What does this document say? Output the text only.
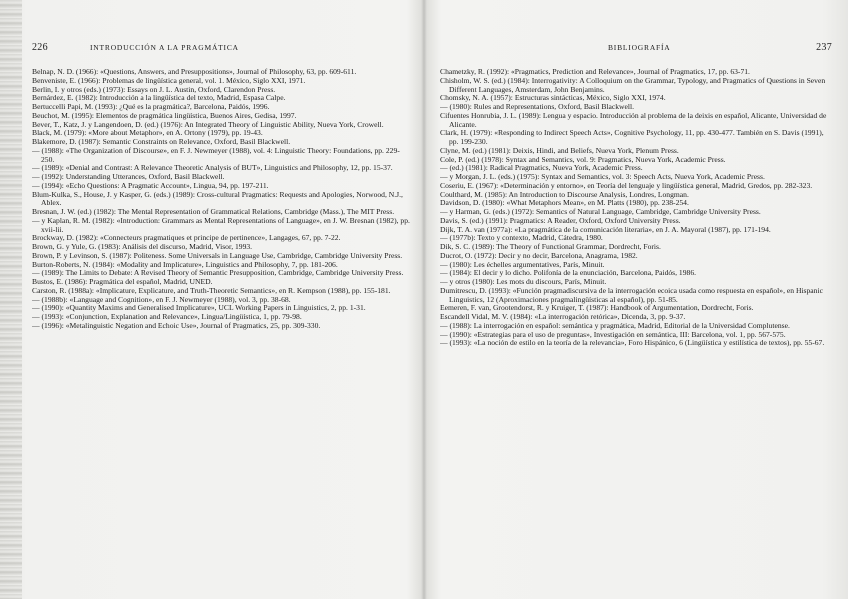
226	INTRODUCCIÓN A LA PRAGMÁTICA

Belnap, N. D. (1966): «Questions, Answers, and Presuppositions», Journal of Philosophy, 63, pp. 609-611.

Benveniste, E. (1966): Problemas de lingüística general, vol. 1. México, Siglo XXI, 1971.

Berlin, I. y otros (eds.) (1973): Essays on J. L. Austin, Oxford, Clarendon Press.

Bernárdez, E. (1982): Introducción a la lingüística del texto, Madrid, Espasa Calpe.

Bertuccelli Papi, M. (1993): ¿Qué es la pragmática?, Barcelona, Paidós, 1996.

Beuchot, M. (1995): Elementos de pragmática lingüística, Buenos Aires, Gedisa, 1997.

Bever, T., Katz, J. y Langendoen, D. (ed.) (1976): An Integrated Theory of Linguistic Ability, Nueva York, Crowell.

Black, M. (1979): «More about Metaphor», en A. Ortony (1979), pp. 19-43.

Blakemore, D. (1987): Semantic Constraints on Relevance, Oxford, Basil Blackwell.

— (1988): «The Organization of Discourse», en F. J. Newmeyer (1988), vol. 4: Linguistic Theory: Foundations, pp. 229-250.

— (1989): «Denial and Contrast: A Relevance Theoretic Analysis of BUT», Linguistics and Philosophy, 12, pp. 15-37.

— (1992): Understanding Utterances, Oxford, Basil Blackwell.

— (1994): «Echo Questions: A Pragmatic Account», Lingua, 94, pp. 197-211.

Blum-Kulka, S., House, J. y Kasper, G. (eds.) (1989): Cross-cultural Pragmatics: Requests and Apologies, Norwood, N.J., Ablex.

Bresnan, J. W. (ed.) (1982): The Mental Representation of Grammatical Relations, Cambridge (Mass.), The MIT Press.

— y Kaplan, R. M. (1982): «Introduction: Grammars as Mental Representations of Language», en J. W. Bresnan (1982), pp. xvii-lii.

Brockway, D. (1982): «Connecteurs pragmatiques et principe de pertinence», Langages, 67, pp. 7-22.

Brown, G. y Yule, G. (1983): Análisis del discurso, Madrid, Visor, 1993.

Brown, P. y Levinson, S. (1987): Politeness. Some Universals in Language Use, Cambridge, Cambridge University Press.

Burton-Roberts, N. (1984): «Modality and Implicature», Linguistics and Philosophy, 7, pp. 181-206.

— (1989): The Limits to Debate: A Revised Theory of Semantic Presupposition, Cambridge, Cambridge University Press.

Bustos, E. (1986): Pragmática del español, Madrid, UNED.

Carston, R. (1988a): «Implicature, Explicature, and Truth-Theoretic Semantics», en R. Kempson (1988), pp. 155-181.

— (1988b): «Language and Cognition», en F. J. Newmeyer (1988), vol. 3, pp. 38-68.

— (1990): «Quantity Maxims and Generalised Implicature», UCL Working Papers in Linguistics, 2, pp. 1-31.

— (1993): «Conjunction, Explanation and Relevance», Lingua/Lingüística, 1, pp. 79-98.

— (1996): «Metalinguistic Negation and Echoic Use», Journal of Pragmatics, 25, pp. 309-330.

BIBLIOGRAFÍA	237

Chametzky, R. (1992): «Pragmatics, Prediction and Relevance», Journal of Pragmatics, 17, pp. 63-71.

Chisholm, W. S. (ed.) (1984): Interrogativity: A Colloquium on the Grammar, Typology, and Pragmatics of Questions in Seven Different Languages, Amsterdam, John Benjamins.

Chomsky, N. A. (1957): Estructuras sintácticas, México, Siglo XXI, 1974.

— (1980): Rules and Representations, Oxford, Basil Blackwell.

Cifuentes Honrubia, J. L. (1989): Lengua y espacio. Introducción al problema de la deixis en español, Alicante, Universidad de Alicante.

Clark, H. (1979): «Responding to Indirect Speech Acts», Cognitive Psychology, 11, pp. 430-477. También en S. Davis (1991), pp. 199-230.

Clyne, M. (ed.) (1981): Deixis, Hindi, and Beliefs, Nueva York, Plenum Press.

Cole, P. (ed.) (1978): Syntax and Semantics, vol. 9: Pragmatics, Nueva York, Academic Press.

— (ed.) (1981): Radical Pragmatics, Nueva York, Academic Press.

— y Morgan, J. L. (eds.) (1975): Syntax and Semantics, vol. 3: Speech Acts, Nueva York, Academic Press.

Coseriu, E. (1967): «Determinación y entorno», en Teoría del lenguaje y lingüística general, Madrid, Gredos, pp. 282-323.

Coulthard, M. (1985): An Introduction to Discourse Analysis, Londres, Longman.

Davidson, D. (1980): «What Metaphors Mean», en M. Platts (1980), pp. 238-254.

— y Harman, G. (eds.) (1972): Semantics of Natural Language, Cambridge, Cambridge University Press.

Davis, S. (ed.) (1991): Pragmatics: A Reader, Oxford, Oxford University Press.

Dijk, T. A. van (1977a): «La pragmática de la comunicación literaria», en J. A. Mayoral (1987), pp. 171-194.

— (1977b): Texto y contexto, Madrid, Cátedra, 1980.

Dik, S. C. (1989): The Theory of Functional Grammar, Dordrecht, Foris.

Ducrot, O. (1972): Decir y no decir, Barcelona, Anagrama, 1982.

— (1980): Les échelles argumentatives, París, Minuit.

— (1984): El decir y lo dicho. Polifonía de la enunciación, Barcelona, Paidós, 1986.

— y otros (1980): Les mots du discours, París, Minuit.

Dumitrescu, D. (1993): «Función pragmadiscursiva de la interrogación ecoica usada como respuesta en español», en Hispanic Linguistics, 12 (Aproximaciones pragmalingüísticas al español), pp. 51-85.

Eemeren, F. van, Grootendorst, R. y Kruiger, T. (1987): Handbook of Argumentation, Dordrecht, Foris.

Escandell Vidal, M. V. (1984): «La interrogación retórica», Dicenda, 3, pp. 9-37.

— (1988): La interrogación en español: semántica y pragmática, Madrid, Editorial de la Universidad Complutense.

— (1990): «Estrategias para el uso de preguntas», Investigación en semántica, III: Barcelona, vol. 1, pp. 567-575.

— (1993): «La noción de estilo en la teoría de la relevancia», Foro Hispánico, 6 (Lingüística y estilística de textos), pp. 55-67.
